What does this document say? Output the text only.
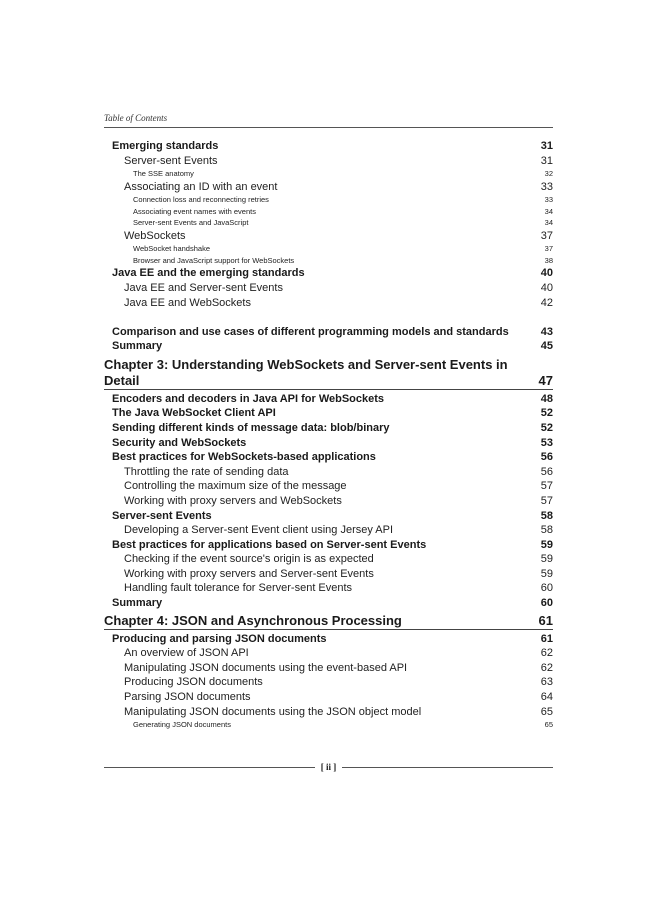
Table of Contents
Emerging standards	31
Server-sent Events	31
The SSE anatomy	32
Associating an ID with an event	33
Connection loss and reconnecting retries	33
Associating event names with events	34
Server-sent Events and JavaScript	34
WebSockets	37
WebSocket handshake	37
Browser and JavaScript support for WebSockets	38
Java EE and the emerging standards	40
Java EE and Server-sent Events	40
Java EE and WebSockets	42
Comparison and use cases of different programming models and standards	43
Summary	45
Chapter 3: Understanding WebSockets and Server-sent Events in Detail	47
Encoders and decoders in Java API for WebSockets	48
The Java WebSocket Client API	52
Sending different kinds of message data: blob/binary	52
Security and WebSockets	53
Best practices for WebSockets-based applications	56
Throttling the rate of sending data	56
Controlling the maximum size of the message	57
Working with proxy servers and WebSockets	57
Server-sent Events	58
Developing a Server-sent Event client using Jersey API	58
Best practices for applications based on Server-sent Events	59
Checking if the event source's origin is as expected	59
Working with proxy servers and Server-sent Events	59
Handling fault tolerance for Server-sent Events	60
Summary	60
Chapter 4: JSON and Asynchronous Processing	61
Producing and parsing JSON documents	61
An overview of JSON API	62
Manipulating JSON documents using the event-based API	62
Producing JSON documents	63
Parsing JSON documents	64
Manipulating JSON documents using the JSON object model	65
Generating JSON documents	65
[ ii ]
